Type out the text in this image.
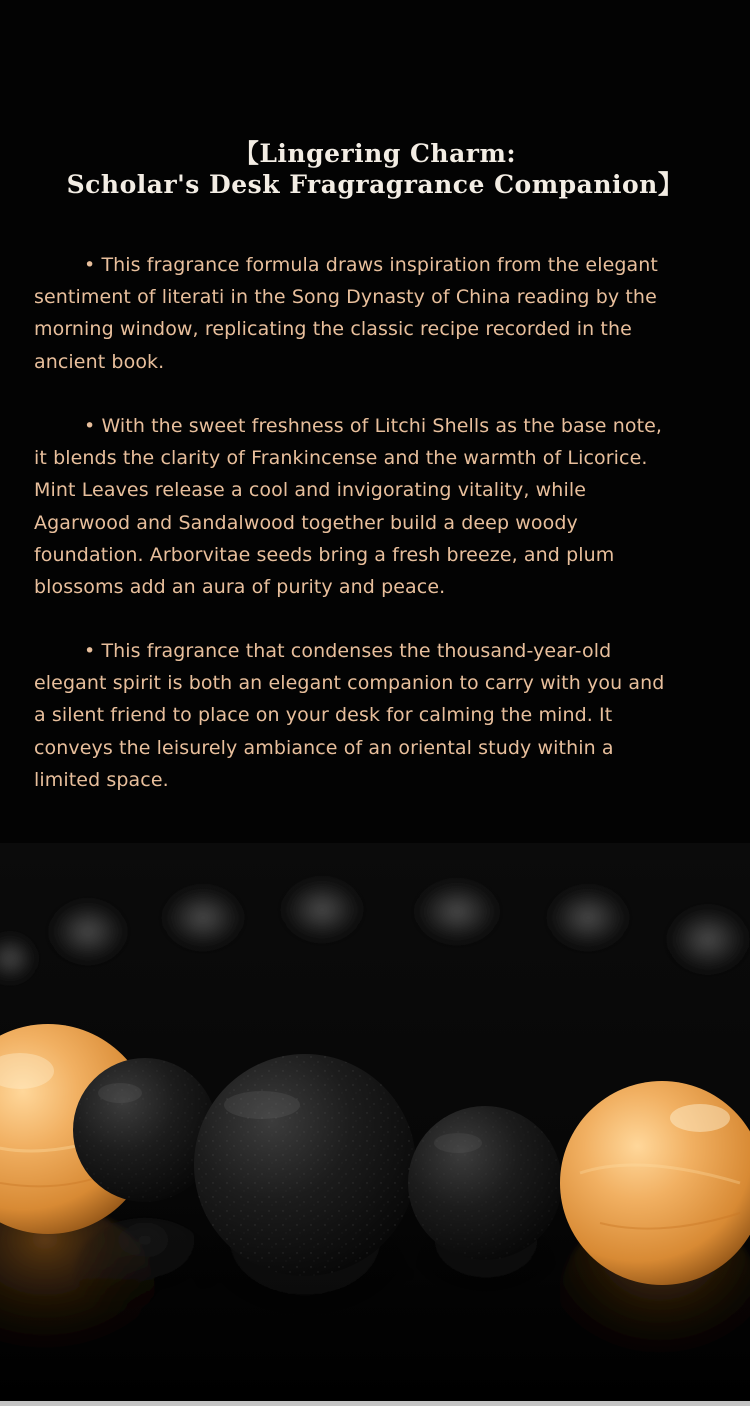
【Lingering Charm:
Scholar's Desk Fragragrance Companion】
• This fragrance formula draws inspiration from the elegant
sentiment of literati in the Song Dynasty of China reading by the
morning window, replicating the classic recipe recorded in the
ancient book.
• With the sweet freshness of Litchi Shells as the base note,
it blends the clarity of Frankincense and the warmth of Licorice.
Mint Leaves release a cool and invigorating vitality, while
Agarwood and Sandalwood together build a deep woody
foundation. Arborvitae seeds bring a fresh breeze, and plum
blossoms add an aura of purity and peace.
• This fragrance that condenses the thousand-year-old
elegant spirit is both an elegant companion to carry with you and
a silent friend to place on your desk for calming the mind. It
conveys the leisurely ambiance of an oriental study within a
limited space.
